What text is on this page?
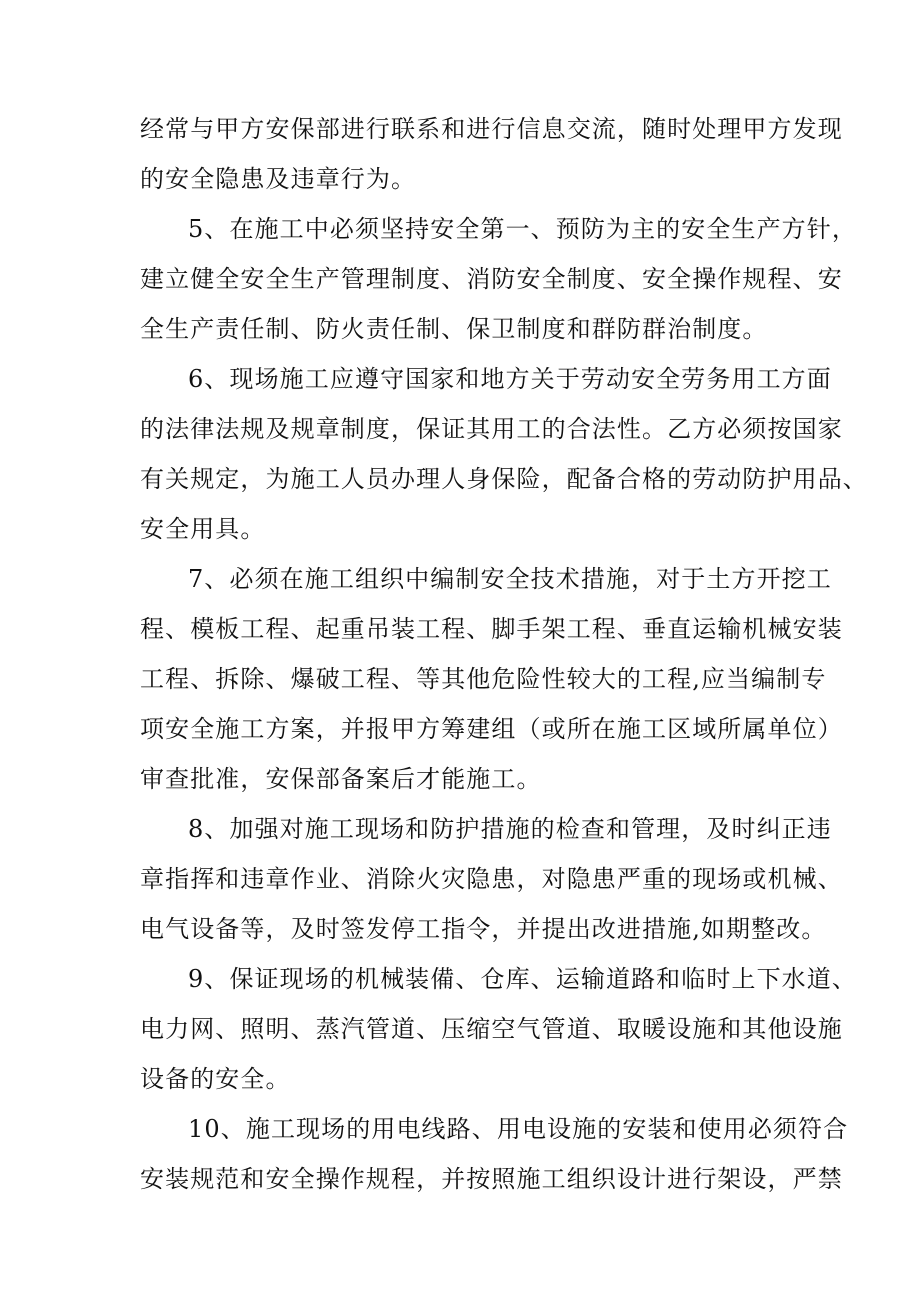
经常与甲方安保部进行联系和进行信息交流，随时处理甲方发现
的安全隐患及违章行为。
5、在施工中必须坚持安全第一、预防为主的安全生产方针，
建立健全安全生产管理制度、消防安全制度、安全操作规程、安
全生产责任制、防火责任制、保卫制度和群防群治制度。
6、现场施工应遵守国家和地方关于劳动安全劳务用工方面
的法律法规及规章制度，保证其用工的合法性。乙方必须按国家
有关规定，为施工人员办理人身保险，配备合格的劳动防护用品、
安全用具。
7、必须在施工组织中编制安全技术措施，对于土方开挖工
程、模板工程、起重吊装工程、脚手架工程、垂直运输机械安装
工程、拆除、爆破工程、等其他危险性较大的工程,应当编制专
项安全施工方案，并报甲方筹建组（或所在施工区域所属单位）
审查批准，安保部备案后才能施工。
8、加强对施工现场和防护措施的检查和管理，及时纠正违
章指挥和违章作业、消除火灾隐患，对隐患严重的现场或机械、
电气设备等，及时签发停工指令，并提出改进措施,如期整改。
9、保证现场的机械装備、仓库、运输道路和临时上下水道、
电力网、照明、蒸汽管道、压缩空气管道、取暖设施和其他设施
设备的安全。
10、施工现场的用电线路、用电设施的安装和使用必须符合
安装规范和安全操作规程，并按照施工组织设计进行架设，严禁
